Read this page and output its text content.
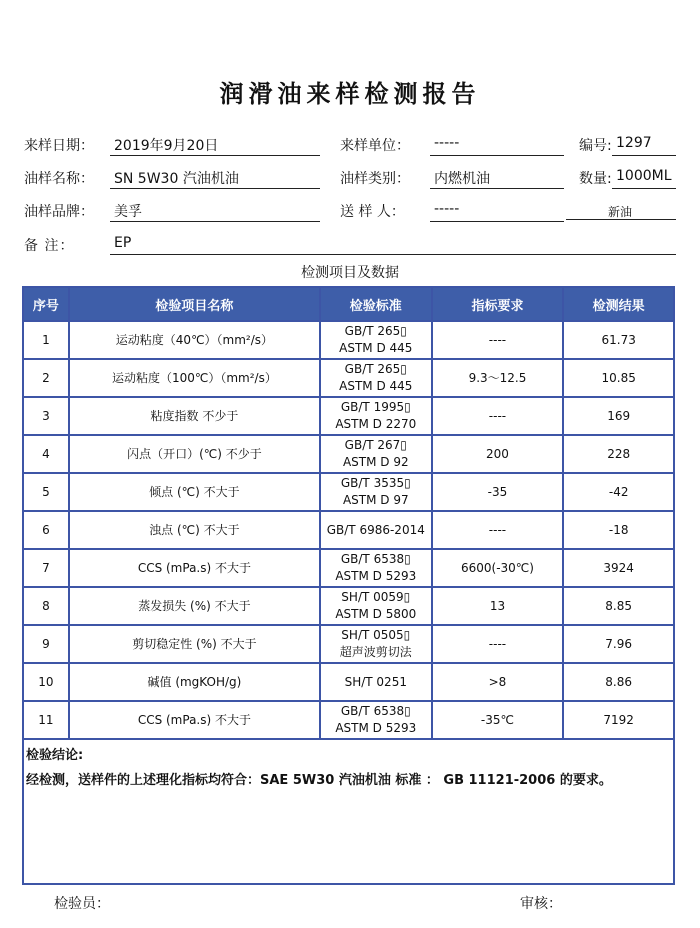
润滑油来样检测报告
来样日期： 2019年9月20日	来样单位： -----	编号: 1297
油样名称： SN 5W30 汽油机油	油样类别： 内燃机油	数量: 1000ML
油样品牌： 美孚	送 样 人： -----	新油
备 注：	EP
检测项目及数据
序号	检验项目名称	检验标准	指标要求	检测结果
1	运动粘度（40℃）（mm²/s）	GB/T 265▯
ASTM D 445	----	61.73
2	运动粘度（100℃）（mm²/s）	GB/T 265▯
ASTM D 445	9.3～12.5	10.85
3	粘度指数 不少于	GB/T 1995▯
ASTM D 2270	----	169
4	闪点（开口）(℃) 不少于	GB/T 267▯
ASTM D 92	200	228
5	倾点 (℃) 不大于	GB/T 3535▯
ASTM D 97	-35	-42
6	浊点 (℃) 不大于	GB/T 6986-2014	----	-18
7	CCS (mPa.s) 不大于	GB/T 6538▯
ASTM D 5293	6600(-30℃)	3924
8	蒸发损失 (%) 不大于	SH/T 0059▯
ASTM D 5800	13	8.85
9	剪切稳定性 (%) 不大于	SH/T 0505▯
超声波剪切法	----	7.96
10	碱值 (mgKOH/g)	SH/T 0251	>8	8.86
11	CCS (mPa.s) 不大于	GB/T 6538▯
ASTM D 5293	-35℃	7192
检验结论:
经检测，送样件的上述理化指标均符合：SAE 5W30 汽油机油 标准 ： GB 11121-2006 的要求。
检验员：	审核：
